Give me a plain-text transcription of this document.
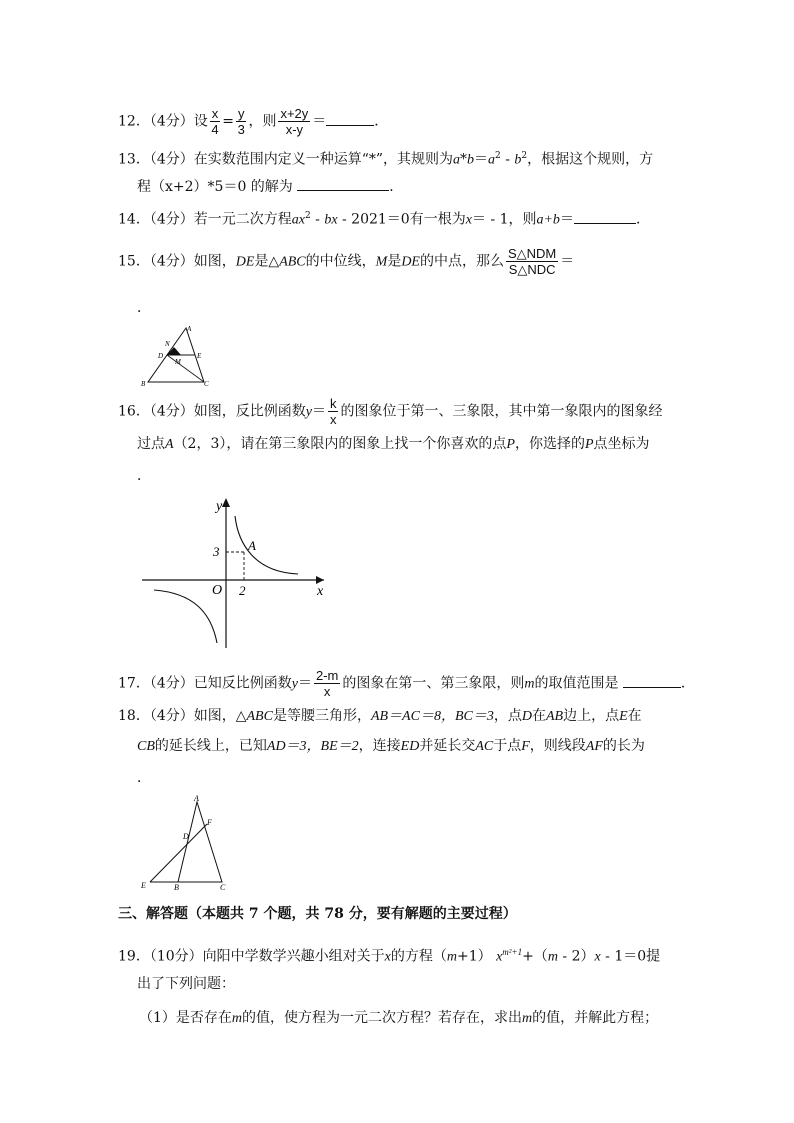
12．（4分）设 $\frac{x}{4} = \frac{y}{3}$ ，则 $\frac{x+2y}{x-y}$ ＝	．
13．（4分）在实数范围内定义一种运算“*”，其规则为$a*b=a^2 - b^2$，根据这个规则，方
程（x+2）*5＝0 的解为	．
14．（4分）若一元二次方程$ax^2$ - bx - 2021＝0有一根为x＝ - 1，则a+b＝	．
15．（4分）如图，DE是△ABC的中位线，M是DE的中点，那么 $\frac{\text{S△NDM}}{\text{S△NDC}}$ ＝
．
A
N
D	E
M
B	C
16．（4分）如图，反比例函数$y= \frac{k}{x}$ 的图象位于第一、三象限，其中第一象限内的图象经
过点A（2，3），请在第三象限内的图象上找一个你喜欢的点P，你选择的P点坐标为
．
y
x
O 2
3 A
17．（4分）已知反比例函数$y= \frac{2-m}{x}$ 的图象在第一、第三象限，则m的取值范围是	．
18．（4分）如图，△ABC是等腰三角形，AB＝AC＝8，BC＝3，点D在AB边上，点E在
CB的延长线上，已知AD＝3，BE＝2，连接ED并延长交AC于点F，则线段AF的长为
．
A
F
D
E	B	C
三、解答题（本题共 7 个题，共 78 分，要有解题的主要过程）
19．（10分）向阳中学数学兴趣小组对关于x的方程（m+1） $x^{m^2+1}+(m - 2)x - 1=0$提
出了下列问题：
（1）是否存在m的值，使方程为一元二次方程？若存在，求出m的值，并解此方程；
